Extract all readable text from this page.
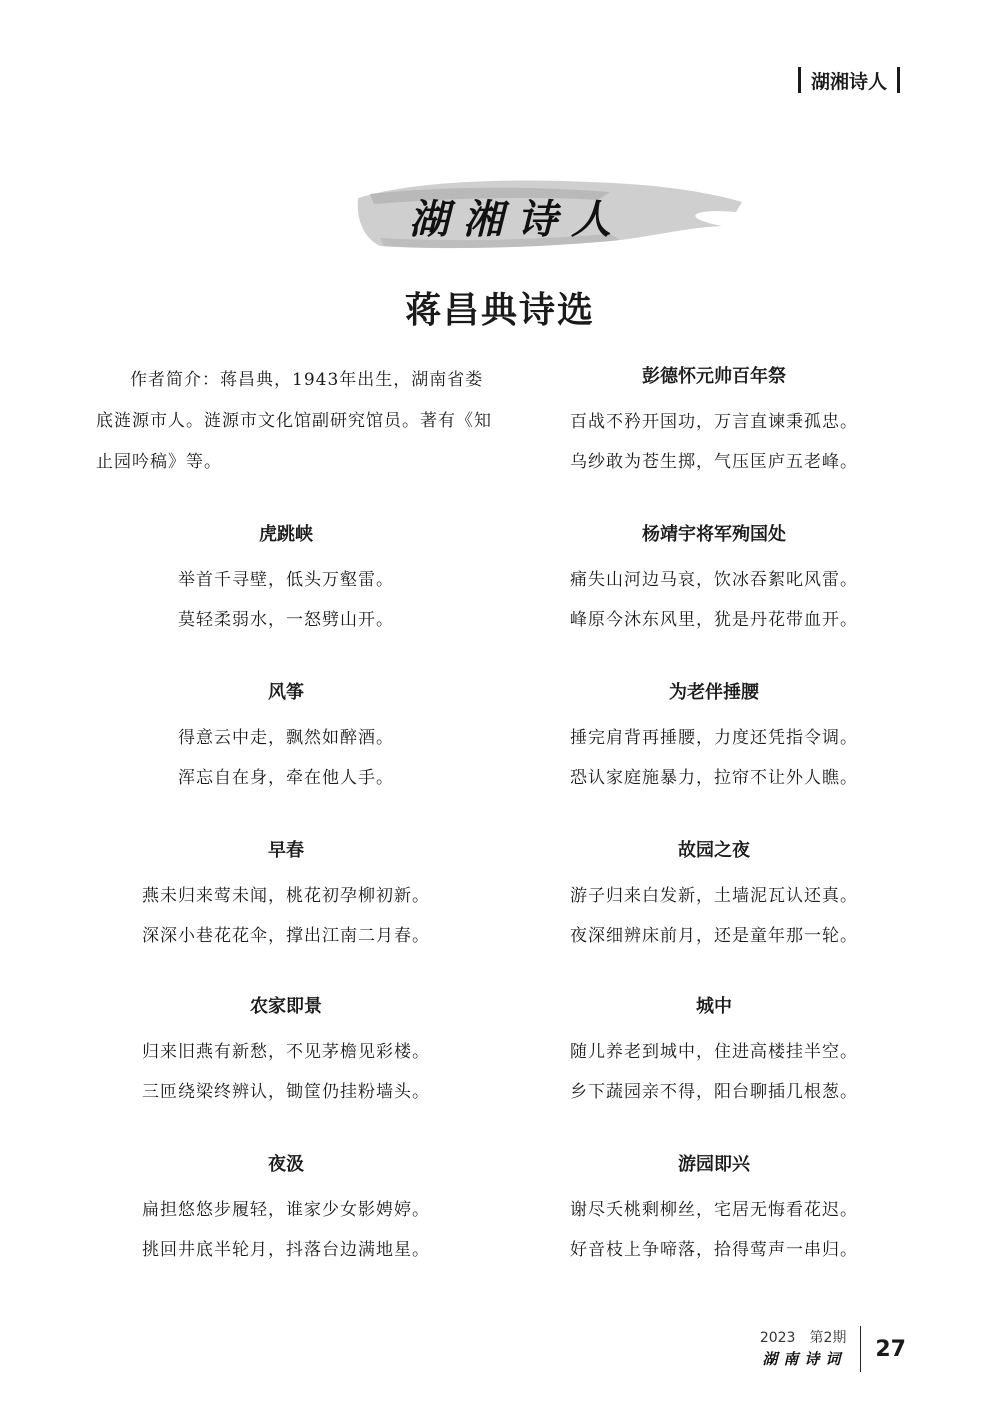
湖湘诗人
湖湘诗人
蒋昌典诗选

作者简介：蒋昌典，1943年出生，湖南省娄底涟源市人。涟源市文化馆副研究馆员。著有《知止园吟稿》等。

虎跳峡
举首千寻壁，低头万壑雷。
莫轻柔弱水，一怒劈山开。
风筝
得意云中走，飘然如醉酒。
浑忘自在身，牵在他人手。
早春
燕未归来莺未闻，桃花初孕柳初新。
深深小巷花花伞，撑出江南二月春。
农家即景
归来旧燕有新愁，不见茅檐见彩楼。
三匝绕梁终辨认，锄筐仍挂粉墙头。
夜汲
扁担悠悠步履轻，谁家少女影娉婷。
挑回井底半轮月，抖落台边满地星。
彭德怀元帅百年祭
百战不矜开国功，万言直谏秉孤忠。
乌纱敢为苍生掷，气压匡庐五老峰。
杨靖宇将军殉国处
痛失山河边马哀，饮冰吞絮叱风雷。
峰原今沐东风里，犹是丹花带血开。
为老伴捶腰
捶完肩背再捶腰，力度还凭指令调。
恐认家庭施暴力，拉帘不让外人瞧。
故园之夜
游子归来白发新，土墙泥瓦认还真。
夜深细辨床前月，还是童年那一轮。
城中
随儿养老到城中，住进高楼挂半空。
乡下蔬园亲不得，阳台聊插几根葱。
游园即兴
谢尽夭桃剩柳丝，宅居无悔看花迟。
好音枝上争啼落，拾得莺声一串归。
2023　第2期
湖南诗词 27
